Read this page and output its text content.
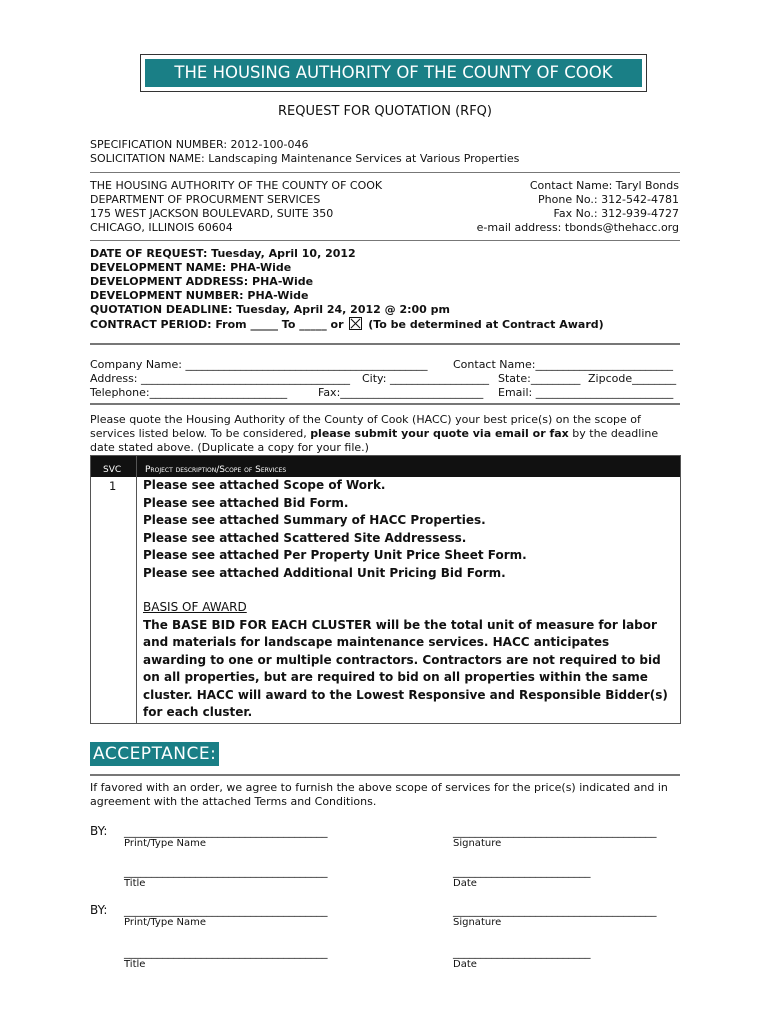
THE HOUSING AUTHORITY OF THE COUNTY OF COOK
REQUEST FOR QUOTATION (RFQ)
SPECIFICATION NUMBER: 2012-100-046
SOLICITATION NAME: Landscaping Maintenance Services at Various Properties
THE HOUSING AUTHORITY OF THE COUNTY OF COOK
DEPARTMENT OF PROCURMENT SERVICES
175 WEST JACKSON BOULEVARD, SUITE 350
CHICAGO, ILLINOIS 60604
Contact Name: Taryl Bonds
Phone No.: 312-542-4781
Fax No.: 312-939-4727
e-mail address: tbonds@thehacc.org
DATE OF REQUEST: Tuesday, April 10, 2012
DEVELOPMENT NAME: PHA-Wide
DEVELOPMENT ADDRESS: PHA-Wide
DEVELOPMENT NUMBER: PHA-Wide
QUOTATION DEADLINE: Tuesday, April 24, 2012 @ 2:00 pm
CONTRACT PERIOD: From _____ To _____ or (To be determined at Contract Award)
Company Name: ____________________________________________ Contact Name:_________________________
Address: ______________________________________ City: __________________ State:_________ Zipcode________
Telephone:_________________________	Fax:__________________________ Email: _________________________
Please quote the Housing Authority of the County of Cook (HACC) your best price(s) on the scope of services listed below. To be considered, please submit your quote via email or fax by the deadline date stated above. (Duplicate a copy for your file.)
SVC	Project description/Scope of Services
1 Please see attached Scope of Work.
Please see attached Bid Form.
Please see attached Summary of HACC Properties.
Please see attached Scattered Site Addressess.
Please see attached Per Property Unit Price Sheet Form.
Please see attached Additional Unit Pricing Bid Form.
BASIS OF AWARD
The BASE BID FOR EACH CLUSTER will be the total unit of measure for labor and materials for landscape maintenance services. HACC anticipates awarding to one or multiple contractors. Contractors are not required to bid on all properties, but are required to bid on all properties within the same cluster. HACC will award to the Lowest Responsive and Responsible Bidder(s) for each cluster.
ACCEPTANCE:
If favored with an order, we agree to furnish the above scope of services for the price(s) indicated and in agreement with the attached Terms and Conditions.
BY: _____________________________________
Print/Type Name
_____________________________________
Signature
_____________________________________
Title
_________________________
Date
BY: _____________________________________
Print/Type Name
_____________________________________
Signature
_____________________________________
Title
_________________________
Date
